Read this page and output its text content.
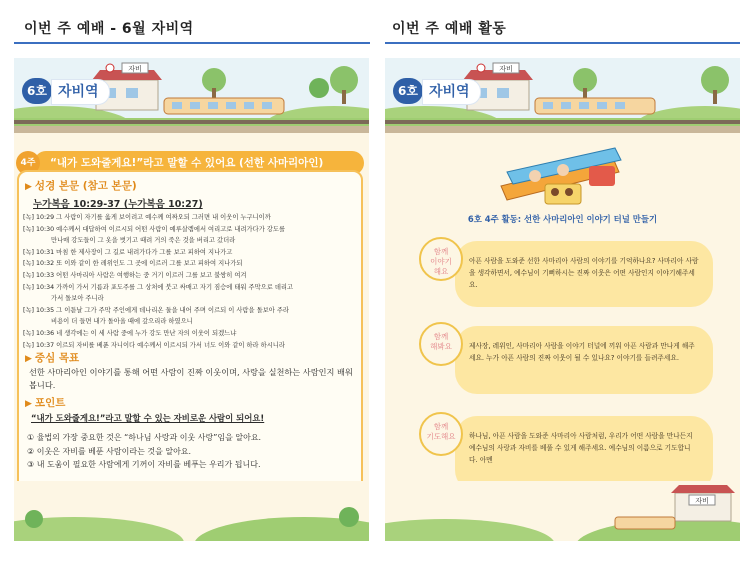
이번 주 예배 - 6월 자비역
자비
6호 자비역
“내가 도와줄게요!”라고 말할 수 있어요 (선한 사마리아인)
4주
▶ 성경 본문 (참고 본문)
누가복음 10:29-37 (누가복음 10:27)
[녹] 10:29 그 사람이 자기를 옳게 보이려고 예수께 여짜오되 그러면 내 이웃이 누구니이까
[녹] 10:30 예수께서 대답하여 이르시되 어떤 사람이 예루살렘에서 여리고로 내려가다가 강도를
만나매 강도들이 그 옷을 벗기고 때려 거의 죽은 것을 버리고 갔더라
[녹] 10:31 마침 한 제사장이 그 길로 내려가다가 그를 보고 피하여 지나가고
[녹] 10:32 또 이와 같이 한 레위인도 그 곳에 이르러 그를 보고 피하여 지나가되
[녹] 10:33 어떤 사마리아 사람은 여행하는 중 거기 이르러 그를 보고 불쌍히 여겨
[녹] 10:34 가까이 가서 기름과 포도주를 그 상처에 붓고 싸매고 자기 짐승에 태워 주막으로 데리고
가서 돌보아 주니라
[녹] 10:35 그 이튿날 그가 주막 주인에게 데나리온 둘을 내어 주며 이르되 이 사람을 돌보아 주라
비용이 더 들면 내가 돌아올 때에 갚으리라 하였으니
[녹] 10:36 네 생각에는 이 세 사람 중에 누가 강도 만난 자의 이웃이 되겠느냐
[녹] 10:37 이르되 자비를 베푼 자니이다 예수께서 이르시되 가서 너도 이와 같이 하라 하시니라
▶ 중심 목표
선한 사마리아인 이야기를 통해 어떤 사람이 진짜 이웃이며, 사랑을 실천하는 사람인지 배워봅니다.
▶ 포인트
“내가 도와줄게요!”라고 말할 수 있는 자비로운 사람이 되어요!
① 율법의 가장 중요한 것은 “하나님 사랑과 이웃 사랑”임을 알아요.
② 이웃은 자비를 베푼 사람이라는 것을 알아요.
③ 내 도움이 필요한 사람에게 기꺼이 자비를 베푸는 우리가 됩니다.
이번 주 예배 활동
자비
6호 자비역
6호 4주 활동: 선한 사마리아인 이야기 터널 만들기
아픈 사람을 도와준 선한 사마리아 사람의 이야기를 기억하나요? 사마리아 사람을 생각하면서, 예수님이 기뻐하시는 진짜 이웃은 어떤 사람인지 이야기해주세요.
함께
이야기
해요
제사장, 레위인, 사마리아 사람을 이야기 터널에 끼워 아픈 사람과 만나게 해주세요. 누가 아픈 사람의 진짜 이웃이 될 수 있나요? 이야기를 들려주세요.
함께
해봐요
하나님, 아픈 사람을 도와준 사마리아 사람처럼, 우리가 어떤 사람을 만나든지 예수님의 사랑과 자비를 베풀 수 있게 해주세요. 예수님의 이름으로 기도합니다. 아멘
함께
기도해요
자비
